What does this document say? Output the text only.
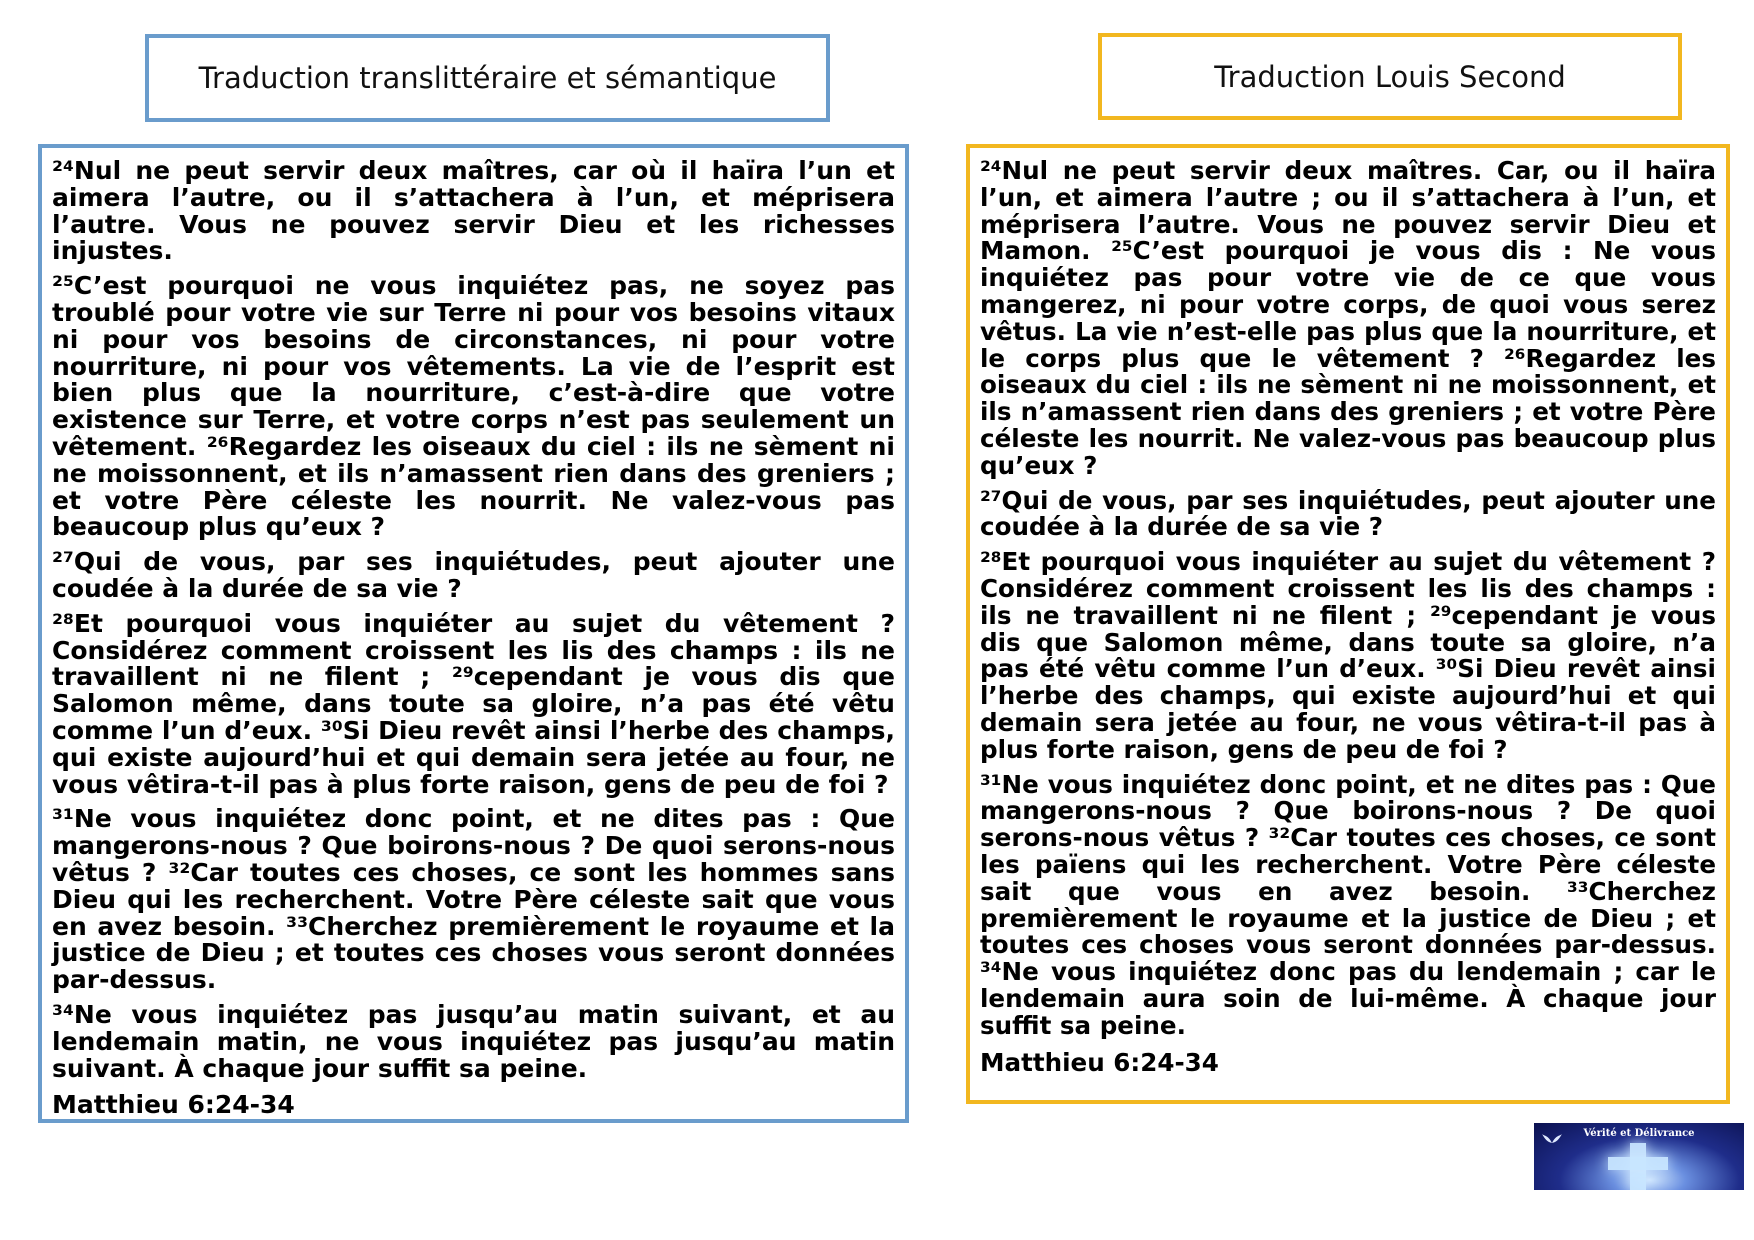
Traduction translittéraire et sémantique	Traduction Louis Second

²⁴Nul ne peut servir deux maîtres, car où il haïra l’un et aimera l’autre, ou il s’attachera à l’un, et méprisera l’autre. Vous ne pouvez servir Dieu et les richesses injustes.

²⁵C’est pourquoi ne vous inquiétez pas, ne soyez pas troublé pour votre vie sur Terre ni pour vos besoins vitaux ni pour vos besoins de circonstances, ni pour votre nourriture, ni pour vos vêtements. La vie de l’esprit est bien plus que la nourriture, c’est-à-dire que votre existence sur Terre, et votre corps n’est pas seulement un vêtement. ²⁶Regardez les oiseaux du ciel : ils ne sèment ni ne moissonnent, et ils n’amassent rien dans des greniers ; et votre Père céleste les nourrit. Ne valez-vous pas beaucoup plus qu’eux ?

²⁷Qui de vous, par ses inquiétudes, peut ajouter une coudée à la durée de sa vie ?

²⁸Et pourquoi vous inquiéter au sujet du vêtement ? Considérez comment croissent les lis des champs : ils ne travaillent ni ne filent ; ²⁹cependant je vous dis que Salomon même, dans toute sa gloire, n’a pas été vêtu comme l’un d’eux. ³⁰Si Dieu revêt ainsi l’herbe des champs, qui existe aujourd’hui et qui demain sera jetée au four, ne vous vêtira-t-il pas à plus forte raison, gens de peu de foi ?

³¹Ne vous inquiétez donc point, et ne dites pas : Que mangerons-nous ? Que boirons-nous ? De quoi serons-nous vêtus ? ³²Car toutes ces choses, ce sont les hommes sans Dieu qui les recherchent. Votre Père céleste sait que vous en avez besoin. ³³Cherchez premièrement le royaume et la justice de Dieu ; et toutes ces choses vous seront données par-dessus.

³⁴Ne vous inquiétez pas jusqu’au matin suivant, et au lendemain matin, ne vous inquiétez pas jusqu’au matin suivant. À chaque jour suffit sa peine.

Matthieu 6:24-34

²⁴Nul ne peut servir deux maîtres. Car, ou il haïra l’un, et aimera l’autre ; ou il s’attachera à l’un, et méprisera l’autre. Vous ne pouvez servir Dieu et Mamon. ²⁵C’est pourquoi je vous dis : Ne vous inquiétez pas pour votre vie de ce que vous mangerez, ni pour votre corps, de quoi vous serez vêtus. La vie n’est-elle pas plus que la nourriture, et le corps plus que le vêtement ? ²⁶Regardez les oiseaux du ciel : ils ne sèment ni ne moissonnent, et ils n’amassent rien dans des greniers ; et votre Père céleste les nourrit. Ne valez-vous pas beaucoup plus qu’eux ?

²⁷Qui de vous, par ses inquiétudes, peut ajouter une coudée à la durée de sa vie ?

²⁸Et pourquoi vous inquiéter au sujet du vêtement ? Considérez comment croissent les lis des champs : ils ne travaillent ni ne filent ; ²⁹cependant je vous dis que Salomon même, dans toute sa gloire, n’a pas été vêtu comme l’un d’eux. ³⁰Si Dieu revêt ainsi l’herbe des champs, qui existe aujourd’hui et qui demain sera jetée au four, ne vous vêtira-t-il pas à plus forte raison, gens de peu de foi ?

³¹Ne vous inquiétez donc point, et ne dites pas : Que mangerons-nous ? Que boirons-nous ? De quoi serons-nous vêtus ? ³²Car toutes ces choses, ce sont les païens qui les recherchent. Votre Père céleste sait que vous en avez besoin. ³³Cherchez premièrement le royaume et la justice de Dieu ; et toutes ces choses vous seront données par-dessus. ³⁴Ne vous inquiétez donc pas du lendemain ; car le lendemain aura soin de lui-même. À chaque jour suffit sa peine.

Matthieu 6:24-34

Vérité et Délivrance
